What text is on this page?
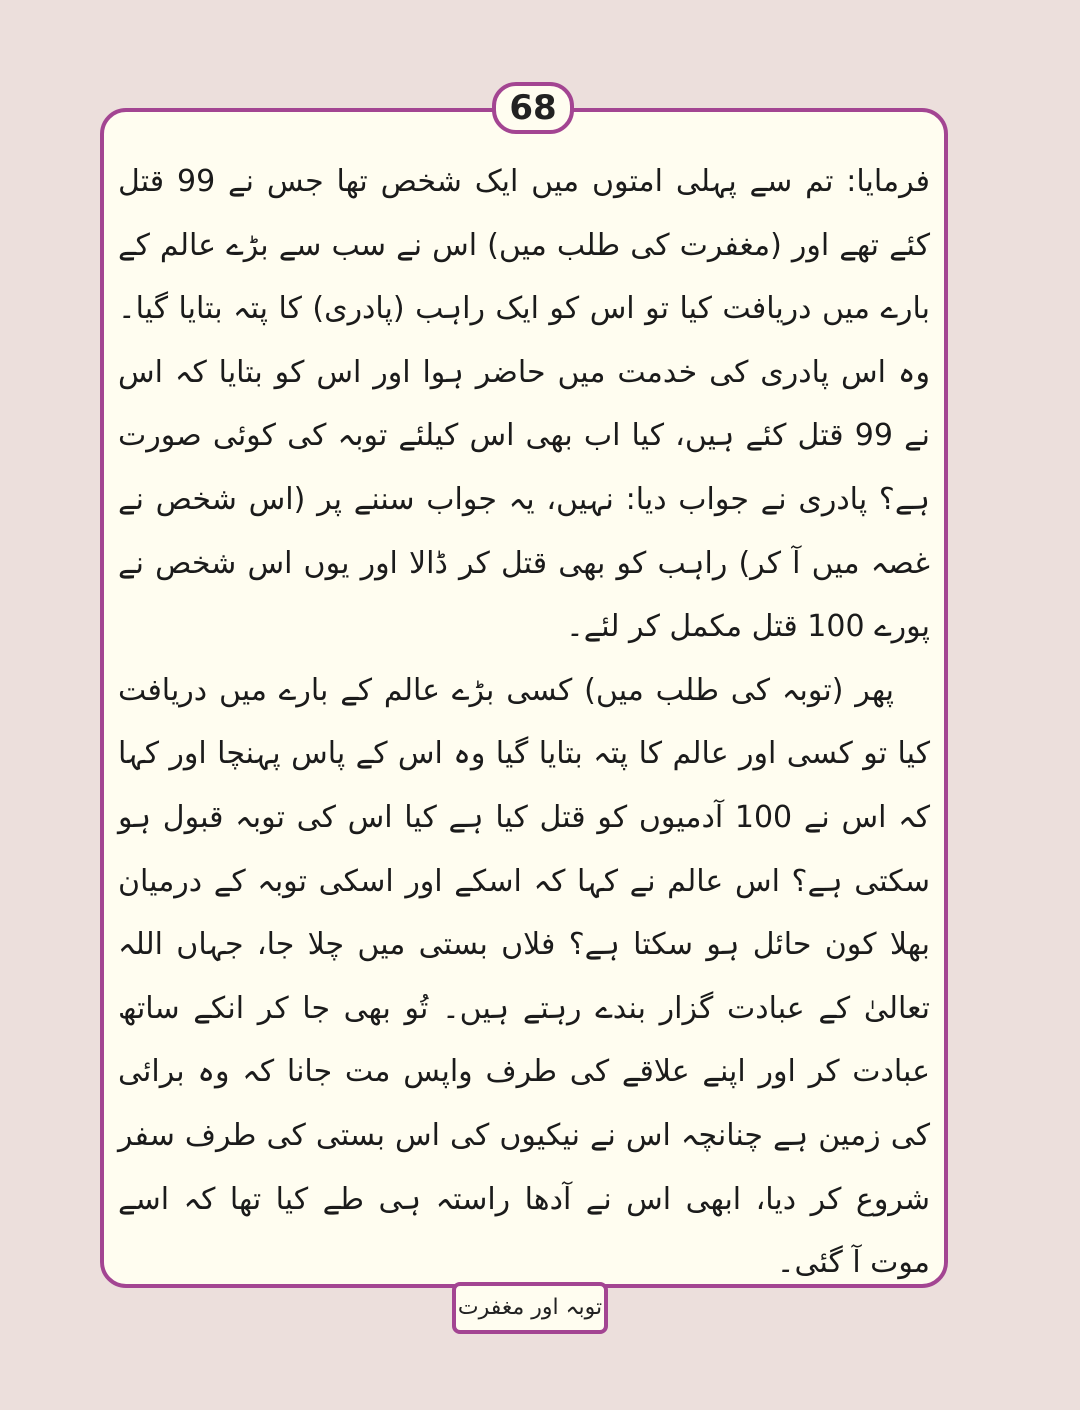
68

فرمایا: تم سے پہلی امتوں میں ایک شخص تھا جس نے 99 قتل کئے تھے اور (مغفرت کی طلب میں) اس نے سب سے بڑے عالم کے بارے میں دریافت کیا تو اس کو ایک راہب (پادری) کا پتہ بتایا گیا۔ وہ اس پادری کی خدمت میں حاضر ہوا اور اس کو بتایا کہ اس نے 99 قتل کئے ہیں، کیا اب بھی اس کیلئے توبہ کی کوئی صورت ہے؟ پادری نے جواب دیا: نہیں، یہ جواب سننے پر (اس شخص نے غصہ میں آ کر) راہب کو بھی قتل کر ڈالا اور یوں اس شخص نے پورے 100 قتل مکمل کر لئے۔

پھر (توبہ کی طلب میں) کسی بڑے عالم کے بارے میں دریافت کیا تو کسی اور عالم کا پتہ بتایا گیا وہ اس کے پاس پہنچا اور کہا کہ اس نے 100 آدمیوں کو قتل کیا ہے کیا اس کی توبہ قبول ہو سکتی ہے؟ اس عالم نے کہا کہ اسکے اور اسکی توبہ کے درمیان بھلا کون حائل ہو سکتا ہے؟ فلاں بستی میں چلا جا، جہاں اللہ تعالیٰ کے عبادت گزار بندے رہتے ہیں۔ تُو بھی جا کر انکے ساتھ عبادت کر اور اپنے علاقے کی طرف واپس مت جانا کہ وہ برائی کی زمین ہے چنانچہ اس نے نیکیوں کی اس بستی کی طرف سفر شروع کر دیا، ابھی اس نے آدھا راستہ ہی طے کیا تھا کہ اسے موت آ گئی۔

توبہ اور مغفرت
